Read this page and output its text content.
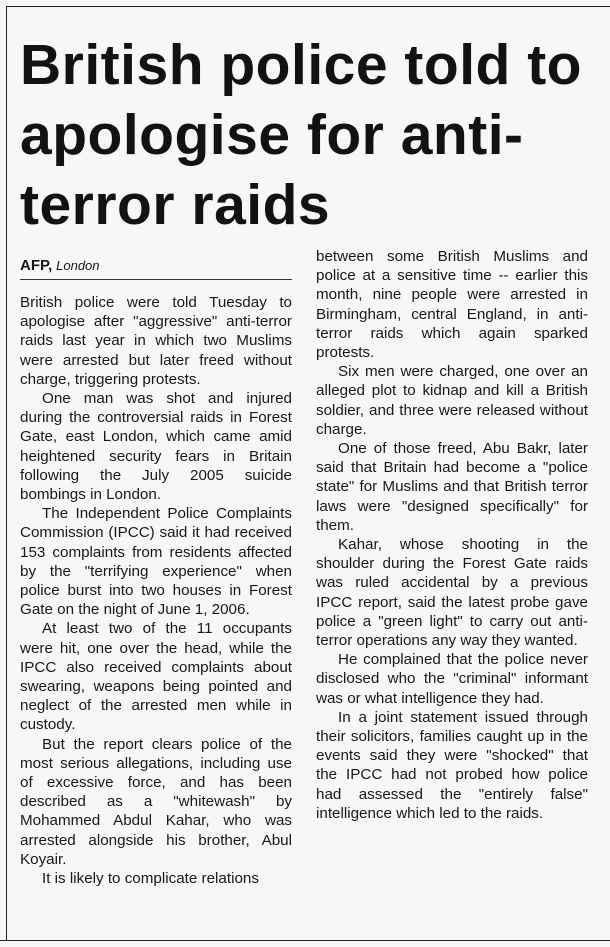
British police told to apologise for anti-terror raids
AFP, London

British police were told Tuesday to apologise after "aggressive" anti-terror raids last year in which two Muslims were arrested but later freed without charge, triggering protests.

One man was shot and injured during the controversial raids in Forest Gate, east London, which came amid heightened security fears in Britain following the July 2005 suicide bombings in London.

The Independent Police Complaints Commission (IPCC) said it had received 153 complaints from residents affected by the "terrifying experience" when police burst into two houses in Forest Gate on the night of June 1, 2006.

At least two of the 11 occupants were hit, one over the head, while the IPCC also received complaints about swearing, weapons being pointed and neglect of the arrested men while in custody.

But the report clears police of the most serious allegations, including use of excessive force, and has been described as a "whitewash" by Mohammed Abdul Kahar, who was arrested alongside his brother, Abul Koyair.

It is likely to complicate relations

between some British Muslims and police at a sensitive time -- earlier this month, nine people were arrested in Birmingham, central England, in anti-terror raids which again sparked protests.

Six men were charged, one over an alleged plot to kidnap and kill a British soldier, and three were released without charge.

One of those freed, Abu Bakr, later said that Britain had become a "police state" for Muslims and that British terror laws were "designed specifically" for them.

Kahar, whose shooting in the shoulder during the Forest Gate raids was ruled accidental by a previous IPCC report, said the latest probe gave police a "green light" to carry out anti-terror operations any way they wanted.

He complained that the police never disclosed who the "criminal" informant was or what intelligence they had.

In a joint statement issued through their solicitors, families caught up in the events said they were "shocked" that the IPCC had not probed how police had assessed the "entirely false" intelligence which led to the raids.
